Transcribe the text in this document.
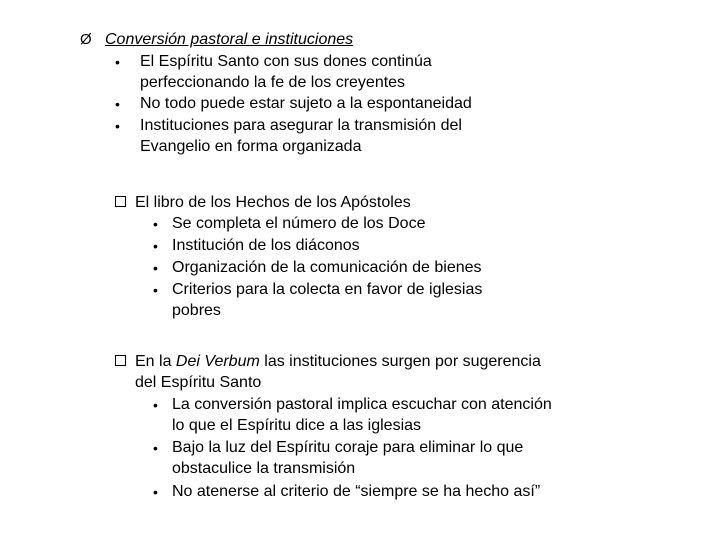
Ø Conversión pastoral e instituciones
• El Espíritu Santo con sus dones continúa
perfeccionando la fe de los creyentes
• No todo puede estar sujeto a la espontaneidad
• Instituciones para asegurar la transmisión del
Evangelio en forma organizada
El libro de los Hechos de los Apóstoles
• Se completa el número de los Doce
• Institución de los diáconos
• Organización de la comunicación de bienes
• Criterios para la colecta en favor de iglesias
pobres
En la Dei Verbum las instituciones surgen por sugerencia
del Espíritu Santo
• La conversión pastoral implica escuchar con atención
lo que el Espíritu dice a las iglesias
• Bajo la luz del Espíritu coraje para eliminar lo que
obstaculice la transmisión
• No atenerse al criterio de “siempre se ha hecho así”
